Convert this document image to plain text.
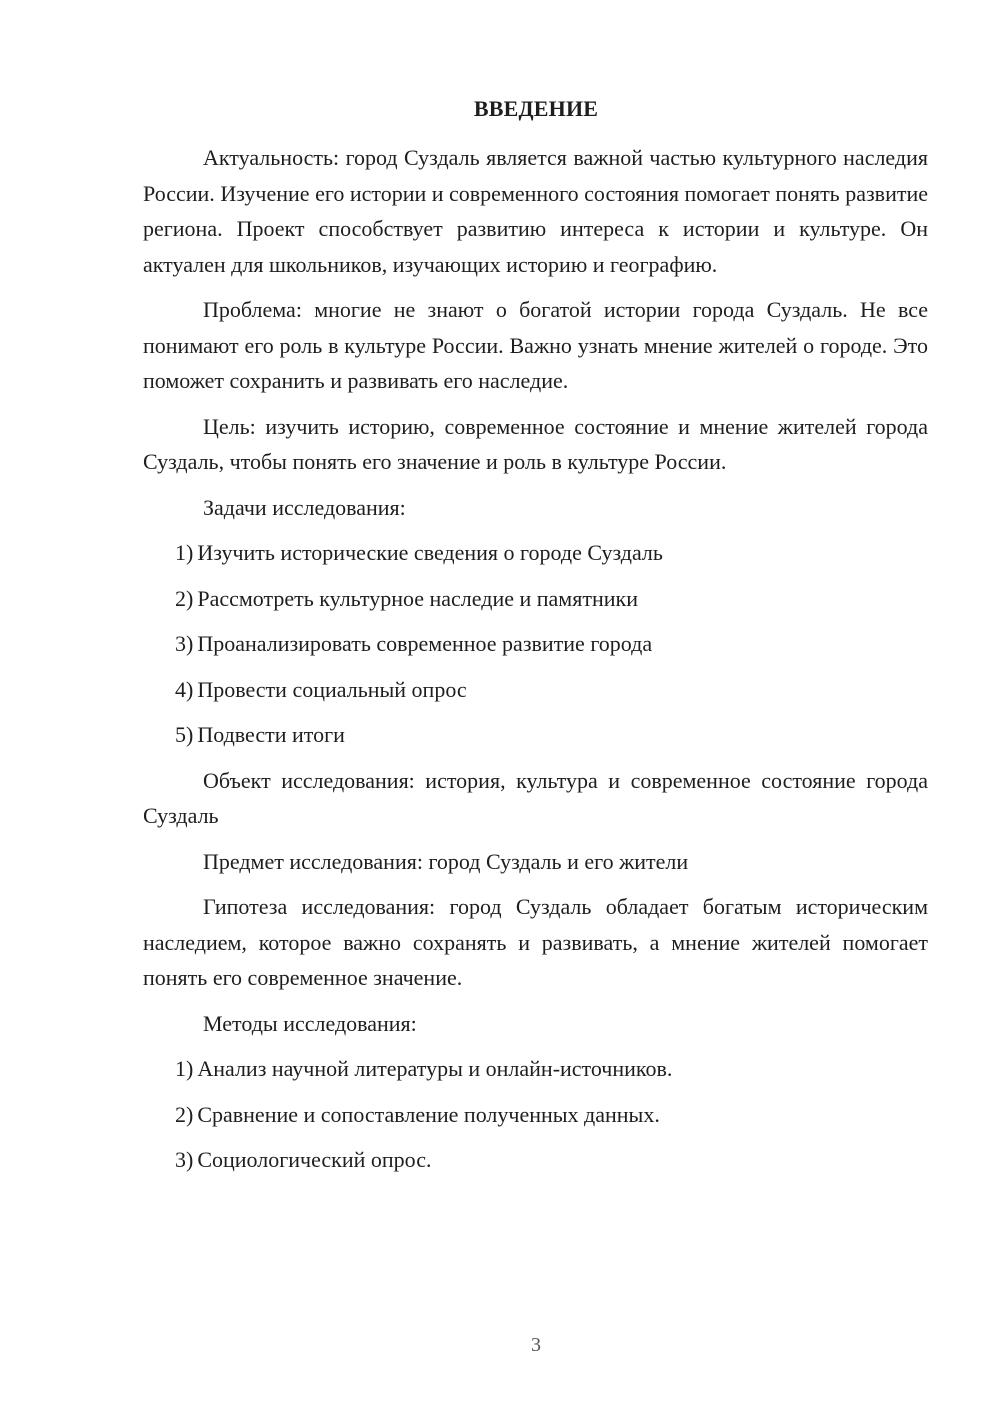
ВВЕДЕНИЕ

Актуальность: город Суздаль является важной частью культурного наследия России. Изучение его истории и современного состояния помогает понять развитие региона. Проект способствует развитию интереса к истории и культуре. Он актуален для школьников, изучающих историю и географию.

Проблема: многие не знают о богатой истории города Суздаль. Не все понимают его роль в культуре России. Важно узнать мнение жителей о городе. Это поможет сохранить и развивать его наследие.

Цель: изучить историю, современное состояние и мнение жителей города Суздаль, чтобы понять его значение и роль в культуре России.

Задачи исследования:

1) Изучить исторические сведения о городе Суздаль
2) Рассмотреть культурное наследие и памятники
3) Проанализировать современное развитие города
4) Провести социальный опрос
5) Подвести итоги

Объект исследования: история, культура и современное состояние города Суздаль

Предмет исследования: город Суздаль и его жители

Гипотеза исследования: город Суздаль обладает богатым историческим наследием, которое важно сохранять и развивать, а мнение жителей помогает понять его современное значение.

Методы исследования:

1) Анализ научной литературы и онлайн-источников.
2) Сравнение и сопоставление полученных данных.
3) Социологический опрос.
3
